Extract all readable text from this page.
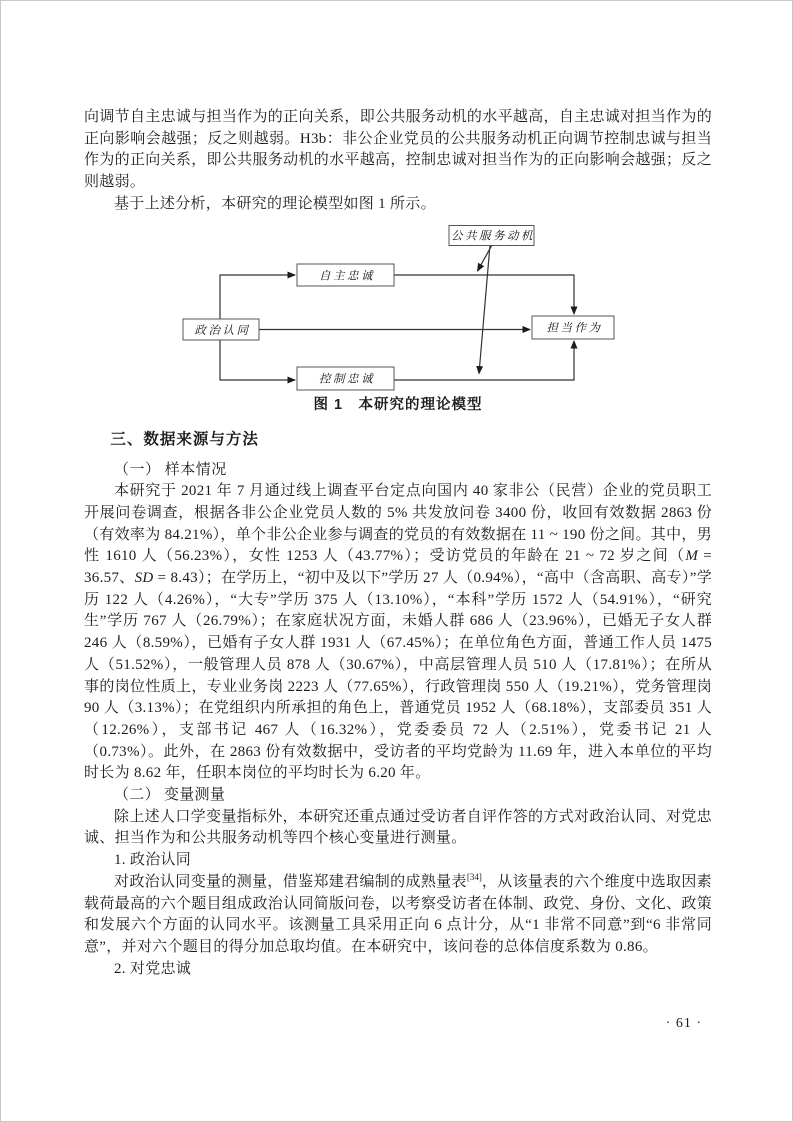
向调节自主忠诚与担当作为的正向关系，即公共服务动机的水平越高，自主忠诚对担当作为的正向影响会越强；反之则越弱。H3b：非公企业党员的公共服务动机正向调节控制忠诚与担当作为的正向关系，即公共服务动机的水平越高，控制忠诚对担当作为的正向影响会越强；反之则越弱。

基于上述分析，本研究的理论模型如图 1 所示。

公共服务动机
自主忠诚
政治认同	担当作为
控制忠诚
图 1　本研究的理论模型
三、数据来源与方法

（一） 样本情况

本研究于 2021 年 7 月通过线上调查平台定点向国内 40 家非公（民营）企业的党员职工开展问卷调查，根据各非公企业党员人数的 5% 共发放问卷 3400 份，收回有效数据 2863 份（有效率为 84.21%），单个非公企业参与调查的党员的有效数据在 11 ~ 190 份之间。其中，男性 1610 人（56.23%），女性 1253 人（43.77%）；受访党员的年龄在 21 ~ 72 岁之间（M = 36.57、SD = 8.43）；在学历上，“初中及以下”学历 27 人（0.94%），“高中（含高职、高专）”学历 122 人（4.26%），“大专”学历 375 人（13.10%），“本科”学历 1572 人（54.91%），“研究生”学历 767 人（26.79%）；在家庭状况方面，未婚人群 686 人（23.96%），已婚无子女人群 246 人（8.59%），已婚有子女人群 1931 人（67.45%）；在单位角色方面，普通工作人员 1475 人（51.52%），一般管理人员 878 人（30.67%），中高层管理人员 510 人（17.81%）；在所从事的岗位性质上，专业业务岗 2223 人（77.65%），行政管理岗 550 人（19.21%），党务管理岗 90 人（3.13%）；在党组织内所承担的角色上，普通党员 1952 人（68.18%），支部委员 351 人（12.26%），支部书记 467 人（16.32%），党委委员 72 人（2.51%），党委书记 21 人（0.73%）。此外，在 2863 份有效数据中，受访者的平均党龄为 11.69 年，进入本单位的平均时长为 8.62 年，任职本岗位的平均时长为 6.20 年。

（二） 变量测量

除上述人口学变量指标外，本研究还重点通过受访者自评作答的方式对政治认同、对党忠诚、担当作为和公共服务动机等四个核心变量进行测量。

1. 政治认同

对政治认同变量的测量，借鉴郑建君编制的成熟量表[34]，从该量表的六个维度中选取因素载荷最高的六个题目组成政治认同简版问卷，以考察受访者在体制、政党、身份、文化、政策和发展六个方面的认同水平。该测量工具采用正向 6 点计分，从“1 非常不同意”到“6 非常同意”，并对六个题目的得分加总取均值。在本研究中，该问卷的总体信度系数为 0.86。

2. 对党忠诚

· 61 ·
